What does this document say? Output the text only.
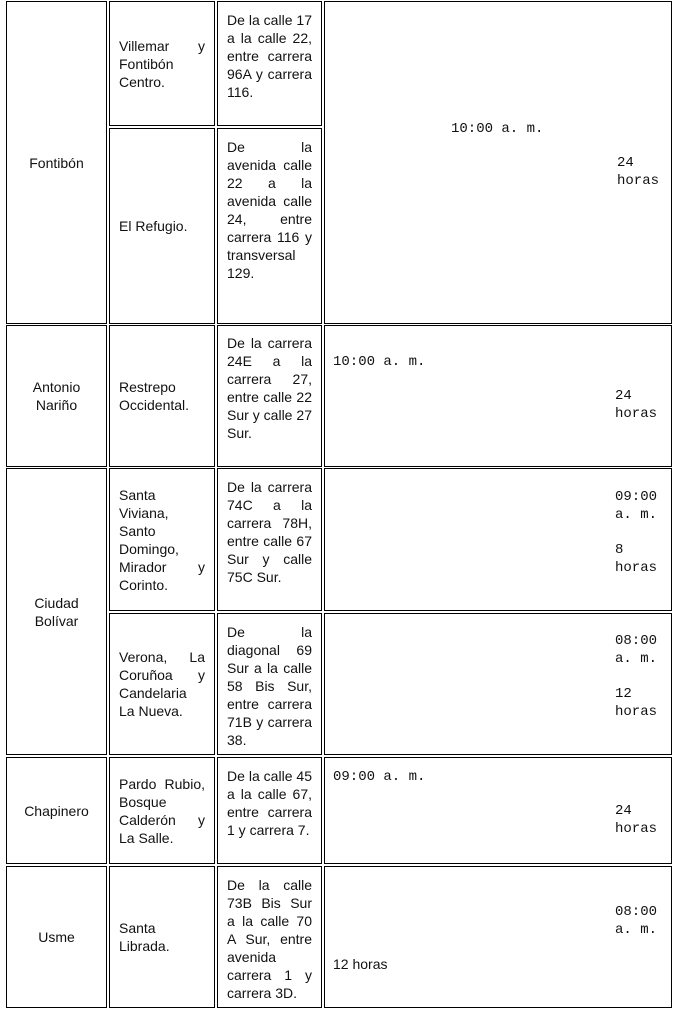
Fontibón
Villemar y Fontibón Centro.
De la calle 17 a la calle 22, entre carrera 96A y carrera 116.
El Refugio.
De la avenida calle 22 a la avenida calle 24, entre carrera 116 y transversal 129.
10:00 a. m.
24 horas
Antonio Nariño
Restrepo Occidental.
De la carrera 24E a la carrera 27, entre calle 22 Sur y calle 27 Sur.
10:00 a. m.
24 horas
Ciudad Bolívar
Santa Viviana, Santo Domingo, Mirador y Corinto.
De la carrera 74C a la carrera 78H, entre calle 67 Sur y calle 75C Sur.
09:00 a. m.
8 horas
Verona, La Coruñoa y Candelaria La Nueva.
De la diagonal 69 Sur a la calle 58 Bis Sur, entre carrera 71B y carrera 38.
08:00 a. m.
12 horas
Chapinero
Pardo Rubio, Bosque Calderón y La Salle.
De la calle 45 a la calle 67, entre carrera 1 y carrera 7.
09:00 a. m.
24 horas
Usme
Santa Librada.
De la calle 73B Bis Sur a la calle 70 A Sur, entre avenida carrera 1 y carrera 3D.
08:00 a. m.
12 horas
